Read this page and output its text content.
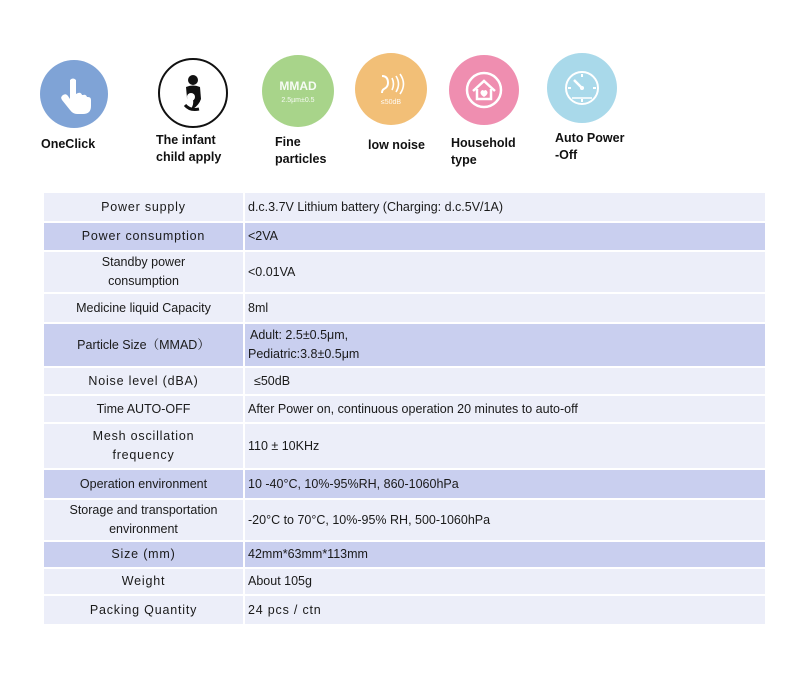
OneClick	The infant
child apply
MMAD
2.5µm±0.5
Fine
particles
≤50dB
low noise Household
type
Auto Power
-Off
Power supply	d.c.3.7V Lithium battery (Charging: d.c.5V/1A)
Power consumption	<2VA

Standby power
consumption	<0.01VA
Medicine liquid Capacity	8ml
Particle Size（MMAD）	Adult: 2.5±0.5μm,
Pediatric:3.8±0.5μm

Noise level (dBA)	≤50dB
Time AUTO-OFF	After Power on, continuous operation 20 minutes to auto-off

Mesh oscillation
frequency	110 ± 10KHz
Operation environment	10 -40°C, 10%-95%RH, 860-1060hPa

Storage and transportation
environment	-20°C to 70°C, 10%-95% RH, 500-1060hPa
Size (mm)	42mm*63mm*113mm
Weight	About 105g
Packing Quantity	24 pcs / ctn
